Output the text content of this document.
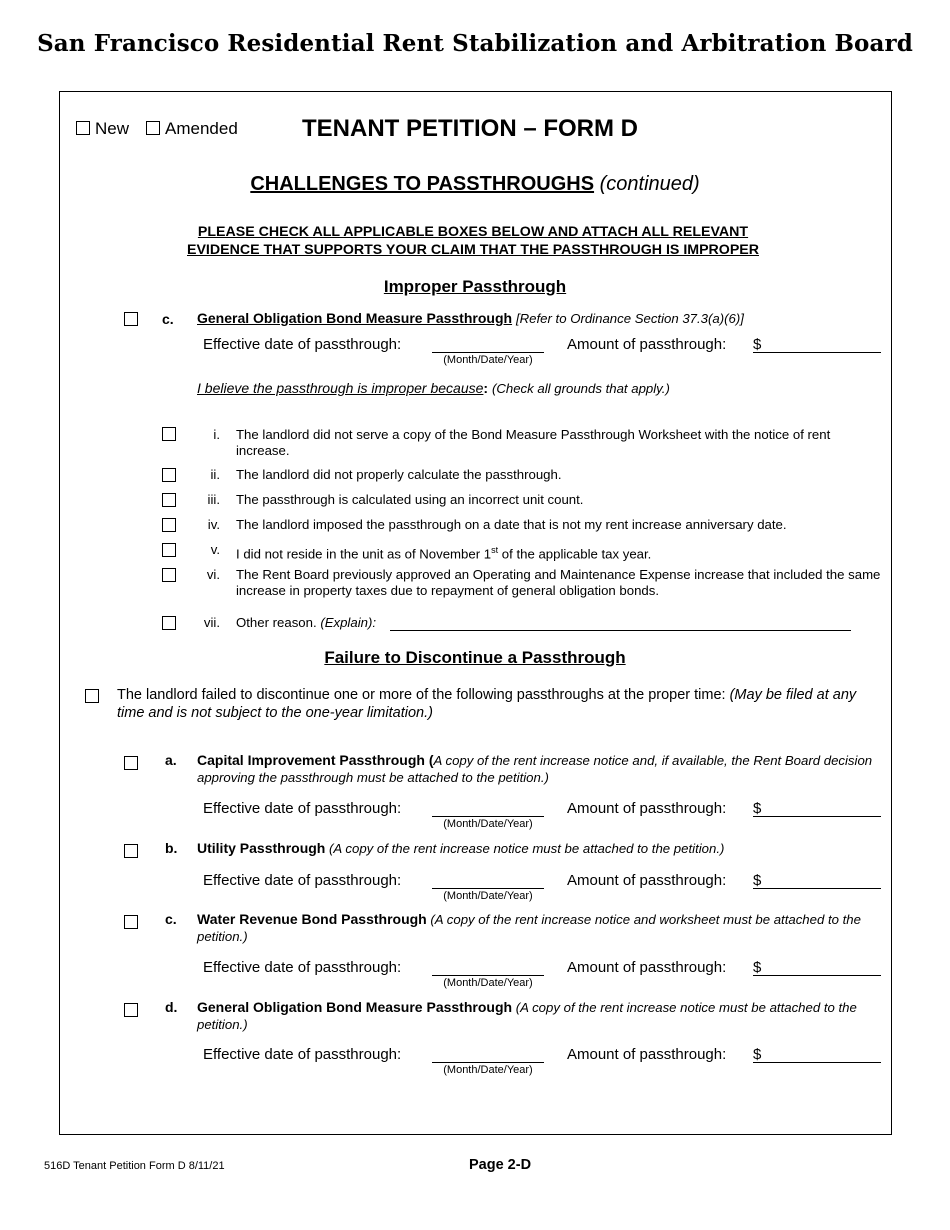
San Francisco Residential Rent Stabilization and Arbitration Board
New Amended	TENANT PETITION – FORM D
CHALLENGES TO PASSTHROUGHS (continued)
PLEASE CHECK ALL APPLICABLE BOXES BELOW AND ATTACH ALL RELEVANT
EVIDENCE THAT SUPPORTS YOUR CLAIM THAT THE PASSTHROUGH IS IMPROPER
Improper Passthrough
c. General Obligation Bond Measure Passthrough [Refer to Ordinance Section 37.3(a)(6)]
Effective date of passthrough:
(Month/Date/Year)
Amount of passthrough: $
I believe the passthrough is improper because: (Check all grounds that apply.)
i. The landlord did not serve a copy of the Bond Measure Passthrough Worksheet with the notice of rent increase.
ii. The landlord did not properly calculate the passthrough.
iii. The passthrough is calculated using an incorrect unit count.
iv. The landlord imposed the passthrough on a date that is not my rent increase anniversary date.
v. I did not reside in the unit as of November 1st of the applicable tax year.
vi. The Rent Board previously approved an Operating and Maintenance Expense increase that included the same increase in property taxes due to repayment of general obligation bonds.
vii. Other reason. (Explain):
Failure to Discontinue a Passthrough
The landlord failed to discontinue one or more of the following passthroughs at the proper time: (May be filed at any time and is not subject to the one-year limitation.)
a. Capital Improvement Passthrough (A copy of the rent increase notice and, if available, the Rent Board decision approving the passthrough must be attached to the petition.)
Effective date of passthrough:
(Month/Date/Year)
Amount of passthrough: $
b. Utility Passthrough (A copy of the rent increase notice must be attached to the petition.)
Effective date of passthrough:
(Month/Date/Year)
Amount of passthrough: $
c. Water Revenue Bond Passthrough (A copy of the rent increase notice and worksheet must be attached to the petition.)
Effective date of passthrough:
(Month/Date/Year)
Amount of passthrough: $
d. General Obligation Bond Measure Passthrough (A copy of the rent increase notice must be attached to the petition.)
Effective date of passthrough:
(Month/Date/Year)
Amount of passthrough: $
516D Tenant Petition Form D 8/11/21	Page 2-D
